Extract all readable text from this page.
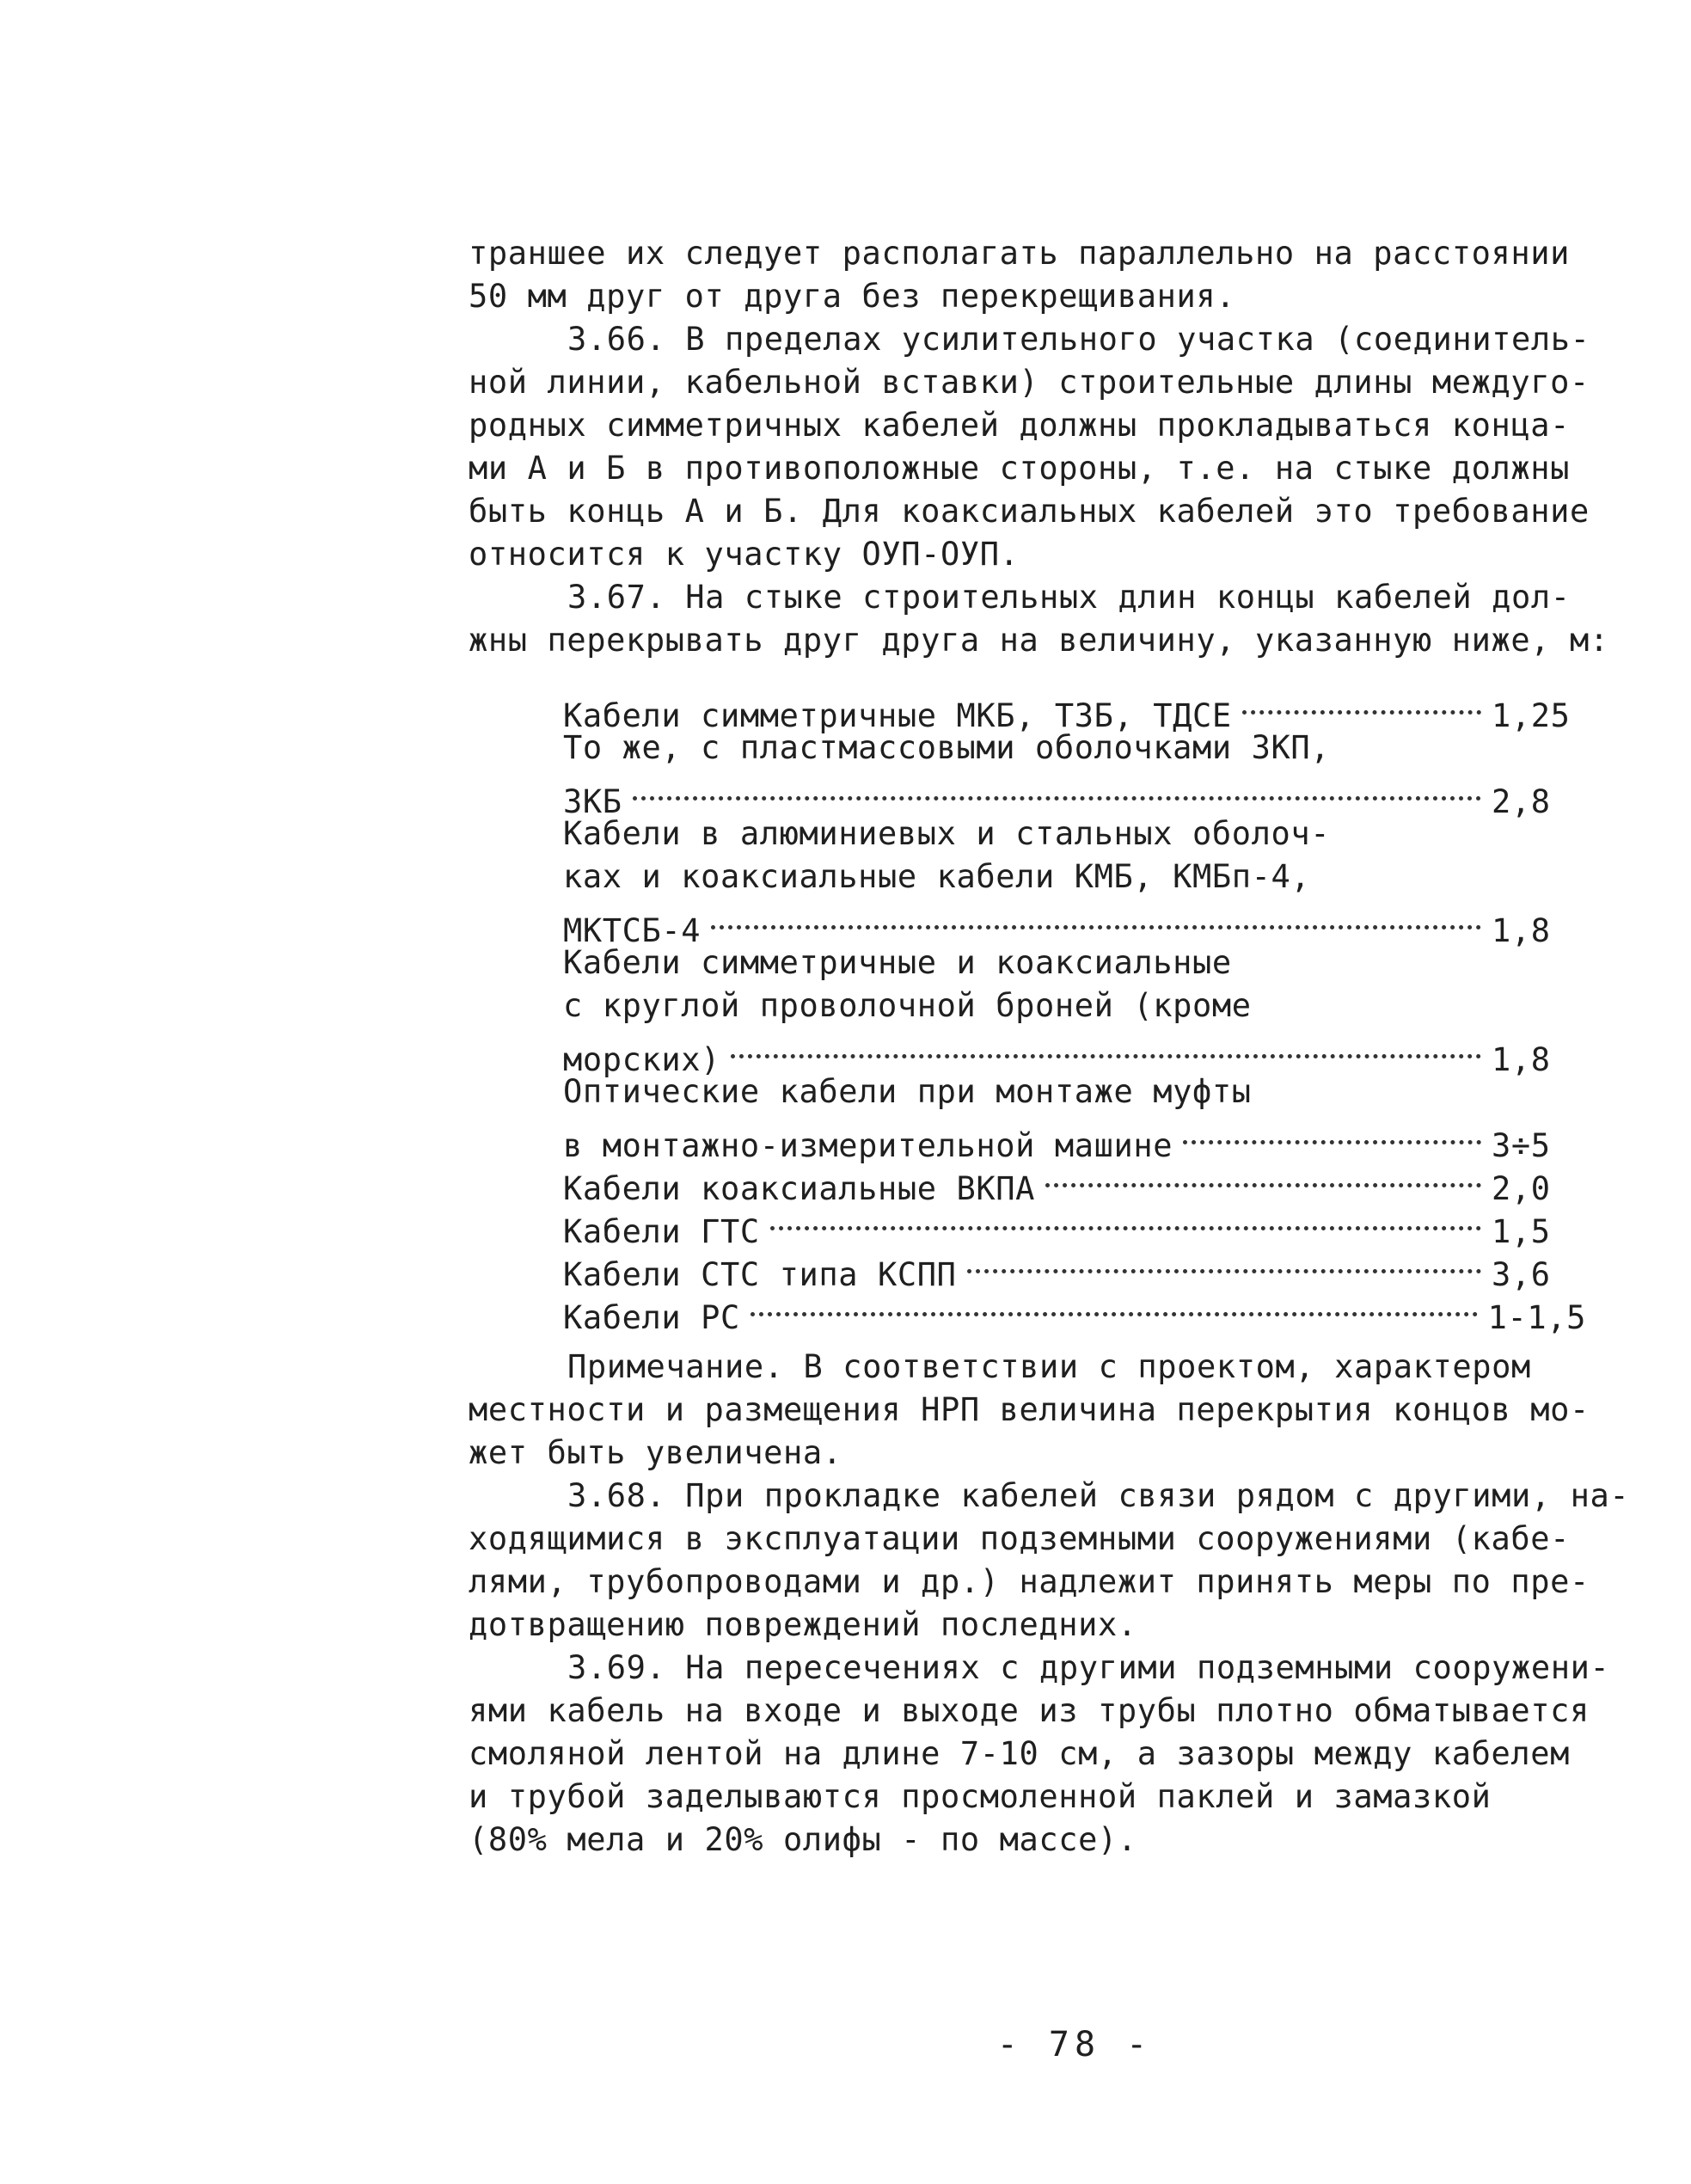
траншее их следует располагать параллельно на расстоянии
50 мм друг от друга без перекрещивания.
3.66. В пределах усилительного участка (соединитель-
ной линии, кабельной вставки) строительные длины междуго-
родных симметричных кабелей должны прокладываться конца-
ми А и Б в противоположные стороны, т.е. на стыке должны
быть конць А и Б. Для коаксиальных кабелей это требование
относится к участку ОУП-ОУП.
3.67. На стыке строительных длин концы кабелей дол-
жны перекрывать друг друга на величину, указанную ниже, м:
Кабели симметричные МКБ, ТЗБ, ТДСЕ	1,25
То же, с пластмассовыми оболочками ЗКП,
ЗКБ	2,8
Кабели в алюминиевых и стальных оболоч-
ках и коаксиальные кабели КМБ, КМБп-4,
МКТСБ-4	1,8
Кабели симметричные и коаксиальные
с круглой проволочной броней (кроме
морских)	1,8
Оптические кабели при монтаже муфты
в монтажно-измерительной машине	3÷5
Кабели коаксиальные ВКПА	2,0
Кабели ГТС	1,5
Кабели СТС типа КСПП	3,6
Кабели РС	1-1,5
Примечание. В соответствии с проектом, характером
местности и размещения НРП величина перекрытия концов мо-
жет быть увеличена.
3.68. При прокладке кабелей связи рядом с другими, на-
ходящимися в эксплуатации подземными сооружениями (кабе-
лями, трубопроводами и др.) надлежит принять меры по пре-
дотвращению повреждений последних.
3.69. На пересечениях с другими подземными сооружени-
ями кабель на входе и выходе из трубы плотно обматывается
смоляной лентой на длине 7-10 см, а зазоры между кабелем
и трубой заделываются просмоленной паклей и замазкой
(80% мела и 20% олифы - по массе).
- 78 -
